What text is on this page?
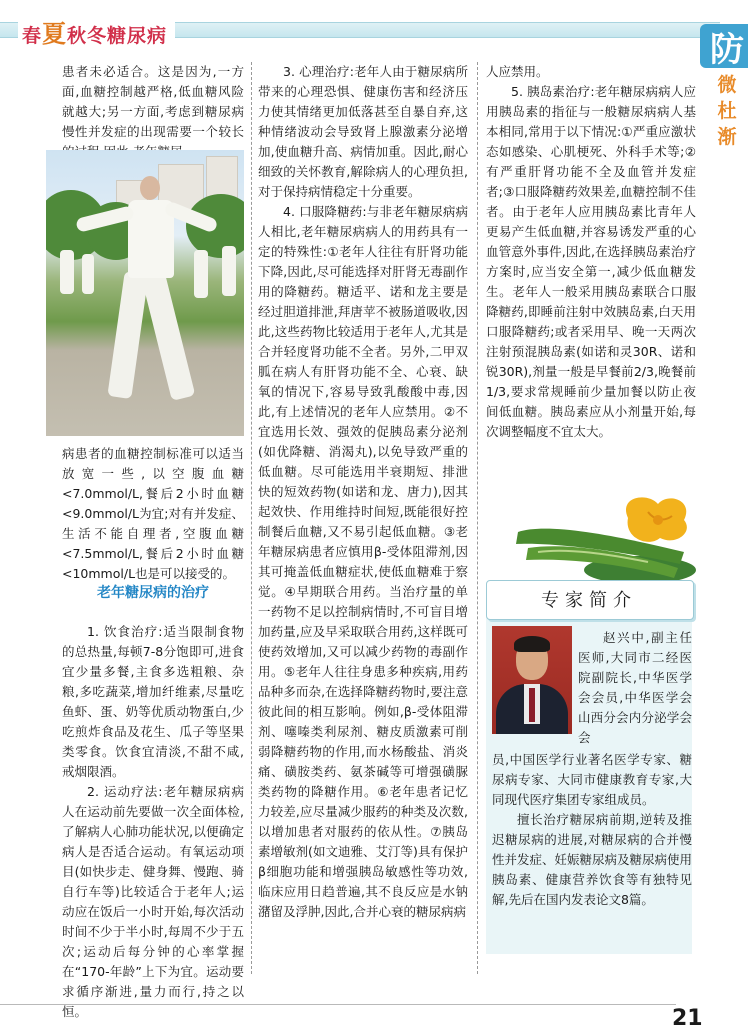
春夏秋冬糖尿病	防
微杜渐

患者未必适合。这是因为,一方面,血糖控制越严格,低血糖风险就越大;另一方面,考虑到糖尿病慢性并发症的出现需要一个较长

病患者的血糖控制标准可以适当放宽一些,以空腹血糖<7.0mmol/L,餐后2小时血糖<9.0mmol/L为宜;对有并发症、生活不能自理者,空腹血糖<7.5mmol/L,餐后2小时血糖<10mmol/L也是可以接受的。

老年糖尿病的治疗

1. 饮食治疗:适当限制食物的总热量,每顿7-8分饱即可,进食宜少量多餐,主食多选粗粮、杂粮,多吃蔬菜,增加纤维素,尽量吃鱼虾、蛋、奶等优质动物蛋白,少吃煎炸食品及花生、瓜子等坚果类零食。饮食宜清淡,不甜不咸,戒烟限酒。

2. 运动疗法:老年糖尿病病人在运动前先要做一次全面体检,了解病人心肺功能状况,以便确定病人是否适合运动。有氧运动项目(如快步走、健身舞、慢跑、骑自行车等)比较适合于老年人;运动应在饭后一小时开始,每次活动时间不少于半小时,每周不少于五次;运动后每分钟的心率掌握在“170-年龄”上下为宜。运动要求循序渐进,量力而行,持之以恒。

3. 心理治疗:老年人由于糖尿病所带来的心理恐惧、健康伤害和经济压力使其情绪更加低落甚至自暴自弃,这种情绪波动会导致肾上腺激素分泌增加,使血糖升高、病情加重。因此,耐心细致的关怀教育,解除病人的心理负担,对于保持病情稳定十分重要。

4. 口服降糖药:与非老年糖尿病病人相比,老年糖尿病病人的用药具有一定的特殊性:①老年人往往有肝肾功能下降,因此,尽可能选择对肝肾无毒副作用的降糖药。糖适平、诺和龙主要是经过胆道排泄,拜唐苹不被肠道吸收,因此,这些药物比较适用于老年人,尤其是合并轻度肾功能不全者。另外,二甲双胍在病人有肝肾功能不全、心衰、缺氧的情况下,容易导致乳酸酸中毒,因此,有上述情况的老年人应禁用。②不宜选用长效、强效的促胰岛素分泌剂(如优降糖、消渴丸),以免导致严重的低血糖。尽可能选用半衰期短、排泄快的短效药物(如诺和龙、唐力),因其起效快、作用维持时间短,既能很好控制餐后血糖,又不易引起低血糖。③老年糖尿病患者应慎用β-受体阻滞剂,因其可掩盖低血糖症状,使低血糖难于察觉。④早期联合用药。当治疗量的单一药物不足以控制病情时,不可盲目增加药量,应及早采取联合用药,这样既可使药效增加,又可以减少药物的毒副作用。⑤老年人往往身患多种疾病,用药品种多而杂,在选择降糖药物时,要注意彼此间的相互影响。例如,β-受体阻滞剂、噻嗪类利尿剂、糖皮质激素可削弱降糖药物的作用,而水杨酸盐、消炎痛、磺胺类药、氨茶碱等可增强磺脲类药物的降糖作用。⑥老年患者记忆力较差,应尽量减少服药的种类及次数,以增加患者对服药的依从性。⑦胰岛素增敏剂(如文迪雅、艾汀等)具有保护β细胞功能和增强胰岛敏感性等功效,临床应用日趋普遍,其不良反应是水钠潴留及浮肿,因此,合并心衰的糖尿病病

人应禁用。

5. 胰岛素治疗:老年糖尿病病人应用胰岛素的指征与一般糖尿病病人基本相同,常用于以下情况:①严重应激状态如感染、心肌梗死、外科手术等;②有严重肝肾功能不全及血管并发症者;③口服降糖药效果差,血糖控制不佳者。由于老年人应用胰岛素比青年人更易产生低血糖,并容易诱发严重的心血管意外事件,因此,在选择胰岛素治疗方案时,应当安全第一,减少低血糖发生。老年人一般采用胰岛素联合口服降糖药,即睡前注射中效胰岛素,白天用口服降糖药;或者采用早、晚一天两次注射预混胰岛素(如诺和灵30R、诺和锐30R),剂量一般是早餐前2/3,晚餐前1/3,要求常规睡前少量加餐以防止夜间低血糖。胰岛素应从小剂量开始,每次调整幅度不宜太大。

专家简介

赵兴中,副主任医师,大同市二经医院副院长,中华医学会会员,中华医学会山西分会内分泌学会会

员,中国医学行业著名医学专家、糖尿病专家、大同市健康教育专家,大同现代医疗集团专家组成员。

擅长治疗糖尿病前期,逆转及推迟糖尿病的进展,对糖尿病的合并慢性并发症、妊娠糖尿病及糖尿病使用胰岛素、健康营养饮食等有独特见解,先后在国内发表论文8篇。

21
